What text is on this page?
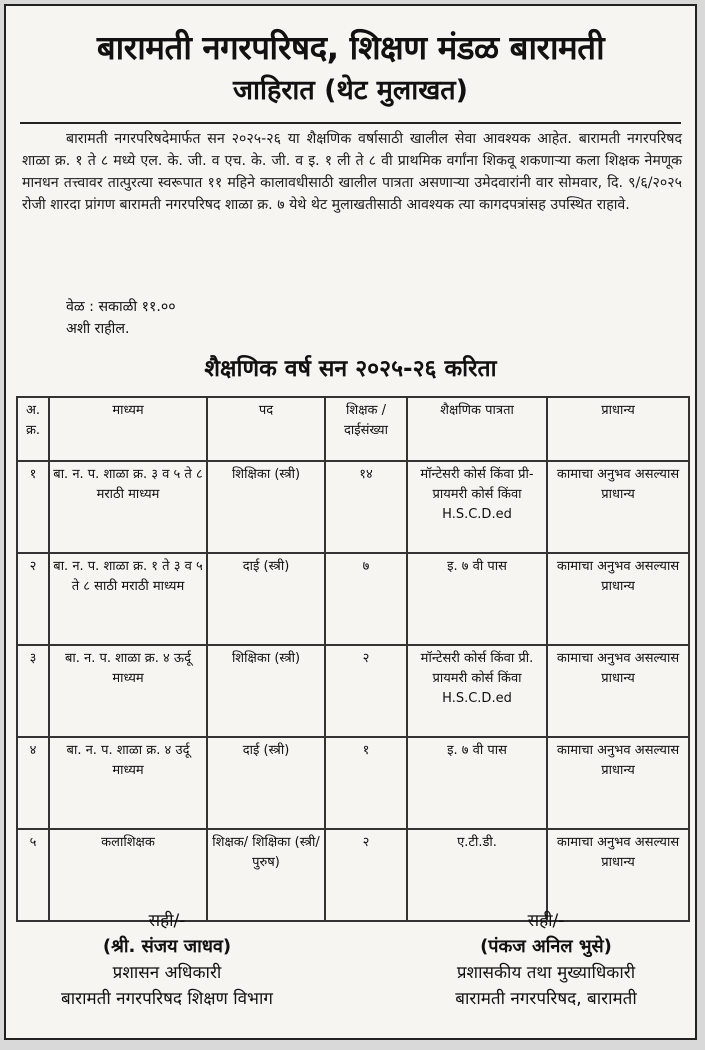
बारामती नगरपरिषद, शिक्षण मंडळ बारामती
जाहिरात (थेट मुलाखत)

बारामती नगरपरिषदेमार्फत सन २०२५-२६ या शैक्षणिक वर्षासाठी खालील सेवा आवश्यक आहेत. बारामती नगरपरिषद शाळा क्र. १ ते ८ मध्ये एल. के. जी. व एच. के. जी. व इ. १ ली ते ८ वी प्राथमिक वर्गांना शिकवू शकणाऱ्या कला शिक्षक नेमणूक मानधन तत्त्वावर तात्पुरत्या स्वरूपात ११ महिने कालावधीसाठी खालील पात्रता असणाऱ्या उमेदवारांनी वार सोमवार, दि. ९/६/२०२५ रोजी शारदा प्रांगण बारामती नगरपरिषद शाळा क्र. ७ येथे थेट मुलाखतीसाठी आवश्यक त्या कागदपत्रांसह उपस्थित राहावे.

वेळ : सकाळी ११.००
अशी राहील.
शैक्षणिक वर्ष सन २०२५-२६ करिता
अ. क्र.	माध्यम	पद	शिक्षक / दाईसंख्या	शैक्षणिक पात्रता	प्राधान्य
१	बा. न. प. शाळा क्र. ३ व ५ ते ८ मराठी माध्यम	शिक्षिका (स्त्री)	१४	मॉन्टेसरी कोर्स किंवा प्री-प्रायमरी कोर्स किंवा H.S.C.D.ed	कामाचा अनुभव असल्यास प्राधान्य
२	बा. न. प. शाळा क्र. १ ते ३ व ५ ते ८ साठी मराठी माध्यम	दाई (स्त्री)	७	इ. ७ वी पास	कामाचा अनुभव असल्यास प्राधान्य
३	बा. न. प. शाळा क्र. ४ ऊर्दू माध्यम	शिक्षिका (स्त्री)	२	मॉन्टेसरी कोर्स किंवा प्री. प्रायमरी कोर्स किंवा H.S.C.D.ed	कामाचा अनुभव असल्यास प्राधान्य
४	बा. न. प. शाळा क्र. ४ उर्दू माध्यम	दाई (स्त्री)	१	इ. ७ वी पास	कामाचा अनुभव असल्यास प्राधान्य
५	कलाशिक्षक	शिक्षक/ शिक्षिका (स्त्री/पुरुष)	२	ए.टी.डी.	कामाचा अनुभव असल्यास प्राधान्य
सही/-
(श्री. संजय जाधव)
प्रशासन अधिकारी
बारामती नगरपरिषद शिक्षण विभाग
सही/-
(पंकज अनिल भुसे)
प्रशासकीय तथा मुख्याधिकारी
बारामती नगरपरिषद, बारामती
